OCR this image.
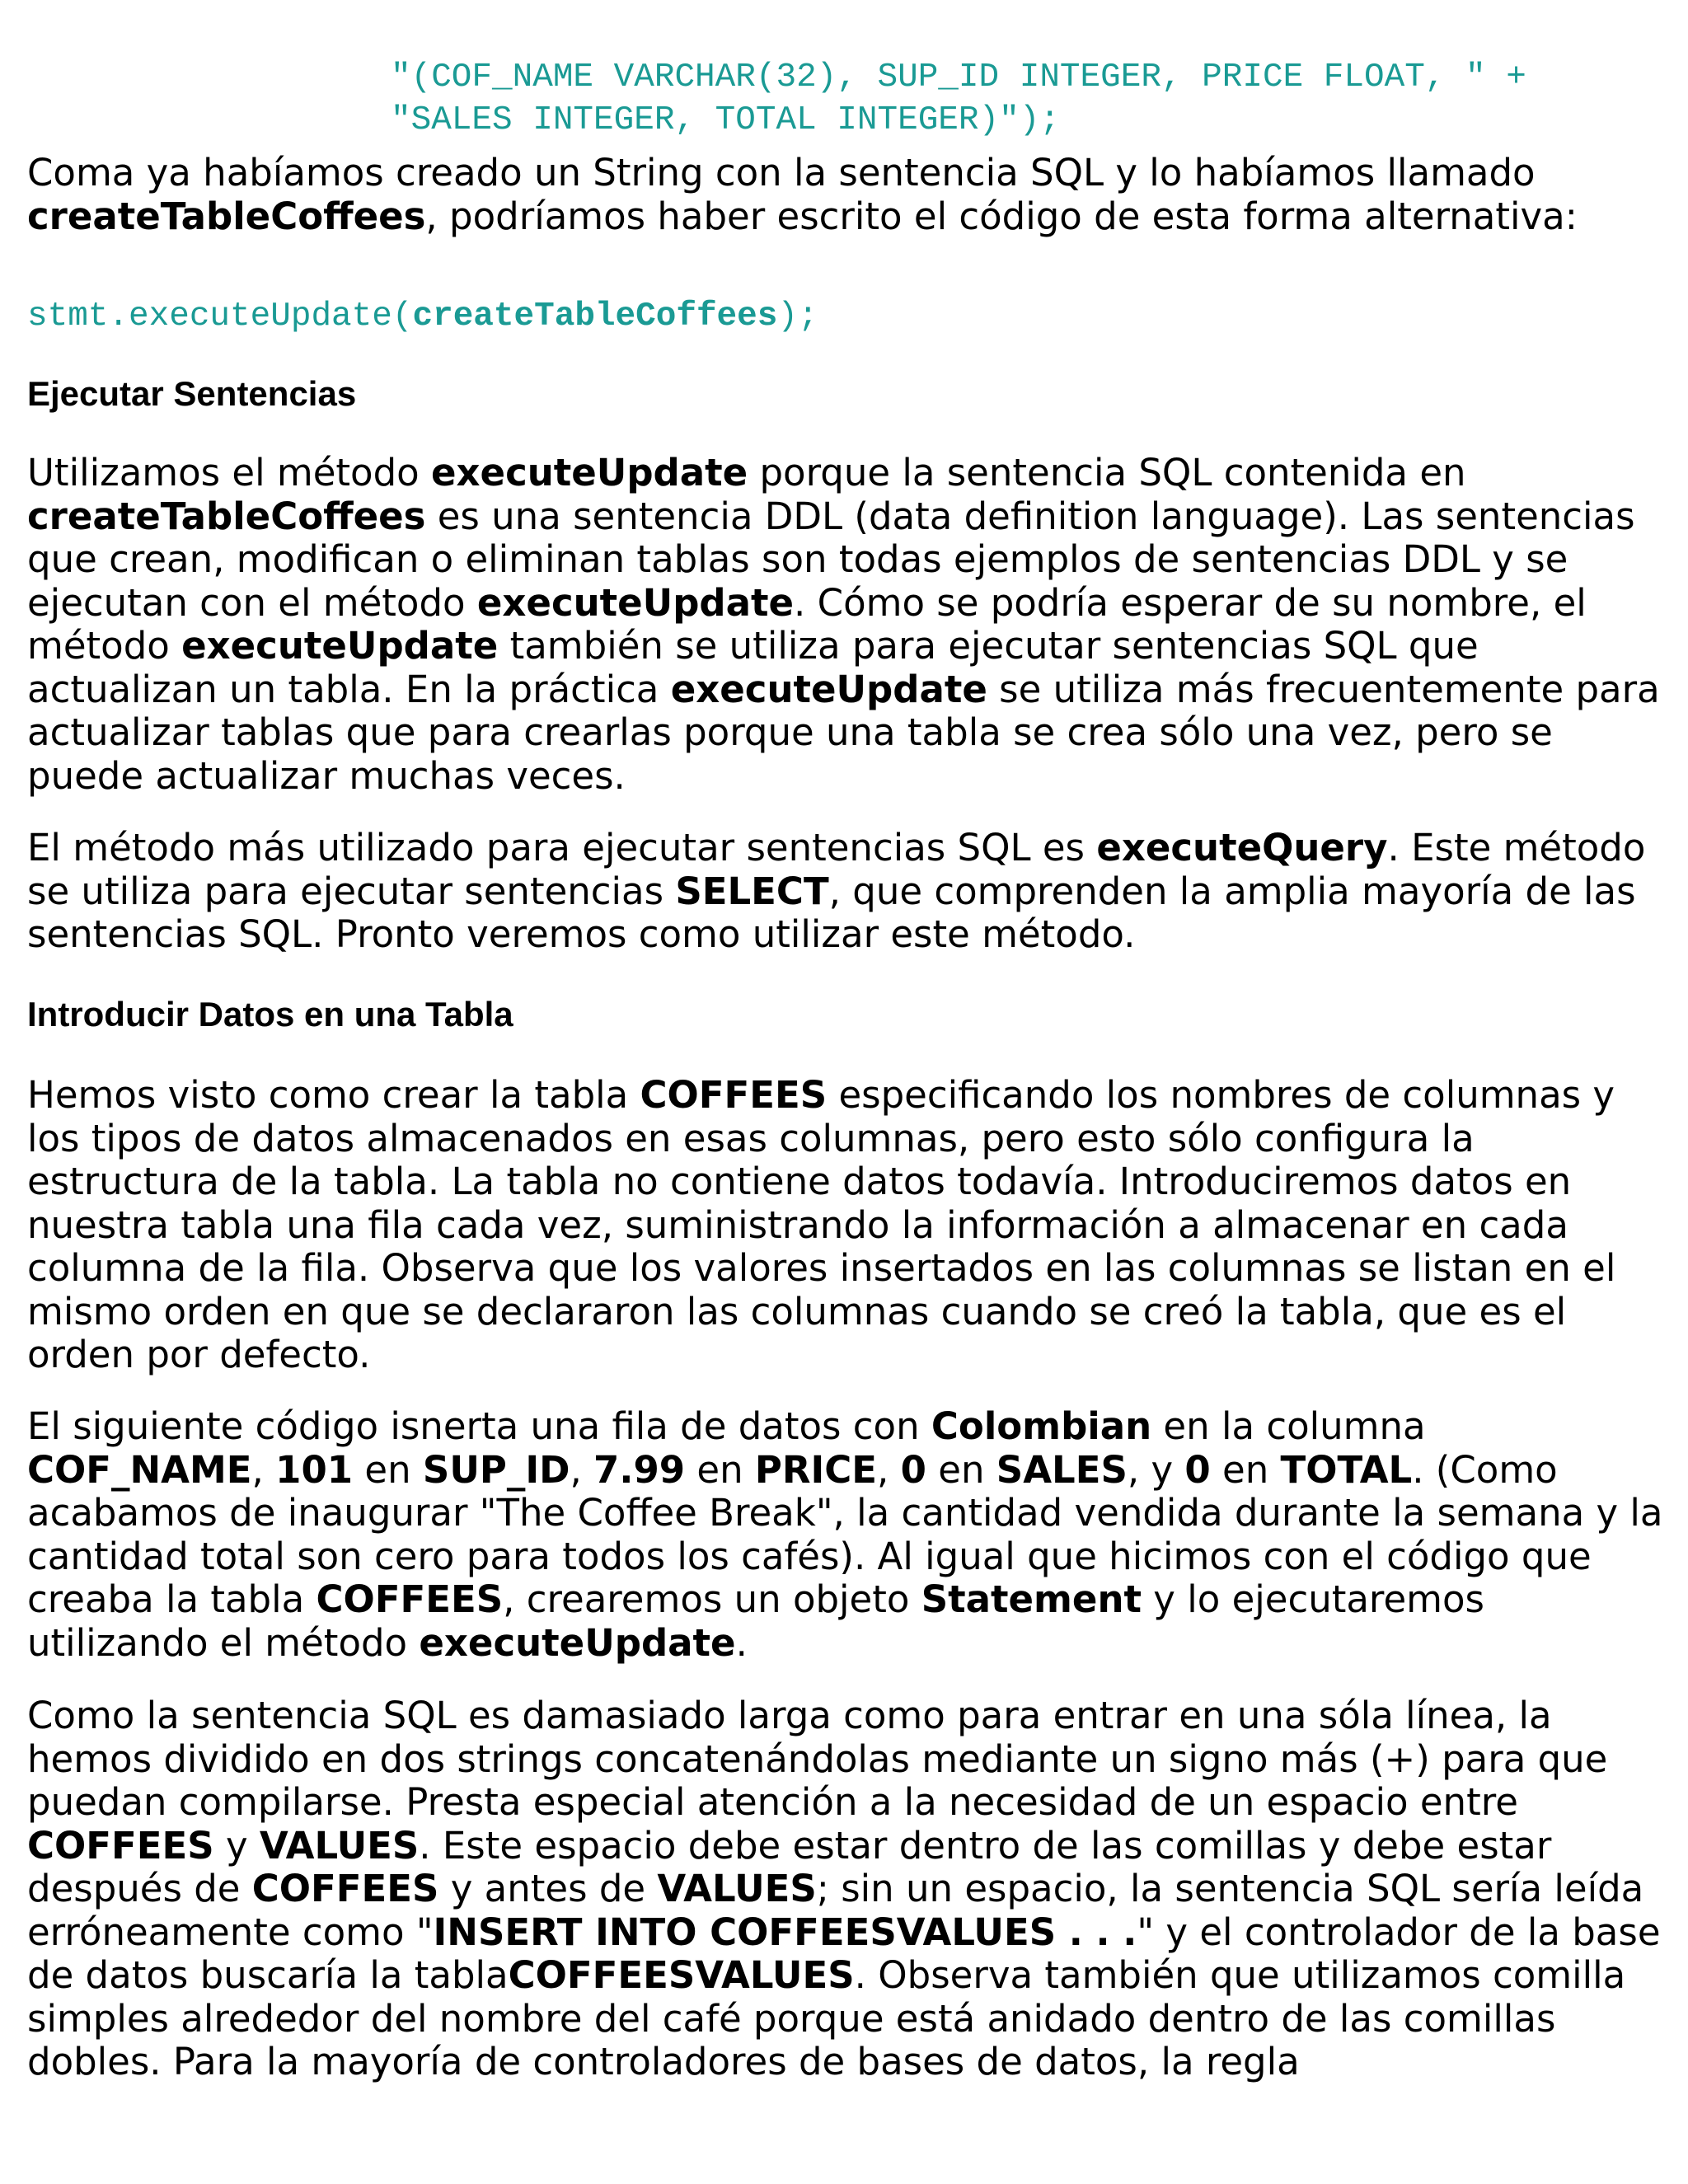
"(COF_NAME VARCHAR(32), SUP_ID INTEGER, PRICE FLOAT, " +
"SALES INTEGER, TOTAL INTEGER)");
Coma ya habíamos creado un String con la sentencia SQL y lo habíamos llamado
createTableCoffees, podríamos haber escrito el código de esta forma alternativa:
stmt.executeUpdate(createTableCoffees);
Ejecutar Sentencias
Utilizamos el método executeUpdate porque la sentencia SQL contenida en
createTableCoffees es una sentencia DDL (data definition language). Las sentencias que crean, modifican o eliminan tablas son todas ejemplos de sentencias DDL y se ejecutan con el método executeUpdate. Cómo se podría esperar de su nombre, el método executeUpdate también se utiliza para ejecutar sentencias SQL que actualizan un tabla. En la práctica executeUpdate se utiliza más frecuentemente para actualizar tablas que para crearlas porque una tabla se crea sólo una vez, pero se puede actualizar muchas veces.
El método más utilizado para ejecutar sentencias SQL es executeQuery. Este método se utiliza para ejecutar sentencias SELECT, que comprenden la amplia mayoría de las sentencias SQL. Pronto veremos como utilizar este método.
Introducir Datos en una Tabla
Hemos visto como crear la tabla COFFEES especificando los nombres de columnas y los tipos de datos almacenados en esas columnas, pero esto sólo configura la estructura de la tabla. La tabla no contiene datos todavía. Introduciremos datos en nuestra tabla una fila cada vez, suministrando la información a almacenar en cada columna de la fila. Observa que los valores insertados en las columnas se listan en el mismo orden en que se declararon las columnas cuando se creó la tabla, que es el orden por defecto.
El siguiente código isnerta una fila de datos con Colombian en la columna COF_NAME, 101 en SUP_ID, 7.99 en PRICE, 0 en SALES, y 0 en TOTAL. (Como acabamos de inaugurar "The Coffee Break", la cantidad vendida durante la semana y la cantidad total son cero para todos los cafés). Al igual que hicimos con el código que creaba la tabla COFFEES, crearemos un objeto Statement y lo ejecutaremos utilizando el método executeUpdate.
Como la sentencia SQL es damasiado larga como para entrar en una sóla línea, la hemos dividido en dos strings concatenándolas mediante un signo más (+) para que puedan compilarse. Presta especial atención a la necesidad de un espacio entre COFFEES y VALUES. Este espacio debe estar dentro de las comillas y debe estar después de COFFEES y antes de VALUES; sin un espacio, la sentencia SQL sería leída erróneamente como "INSERT INTO COFFEESVALUES . . ." y el controlador de la base de datos buscaría la tablaCOFFEESVALUES. Observa también que utilizamos comilla simples alrededor del nombre del café porque está anidado dentro de las comillas dobles. Para la mayoría de controladores de bases de datos, la regla
